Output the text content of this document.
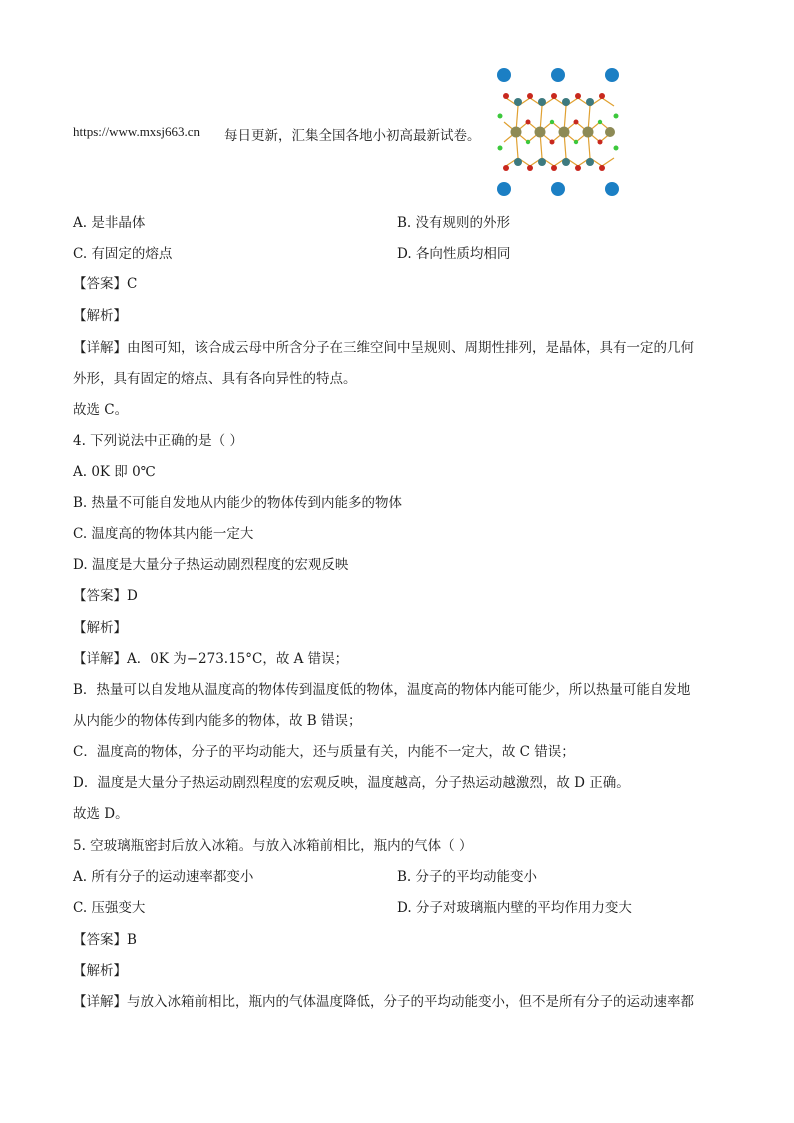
https://www.mxsj663.cn 每日更新，汇集全国各地小初高最新试卷。
A. 是非晶体	B. 没有规则的外形
C. 有固定的熔点	D. 各向性质均相同
【答案】C
【解析】
【详解】由图可知，该合成云母中所含分子在三维空间中呈规则、周期性排列，是晶体，具有一定的几何
外形，具有固定的熔点、具有各向异性的特点。
故选 C。
4. 下列说法中正确的是（ ）
A. 0K 即 0℃
B. 热量不可能自发地从内能少的物体传到内能多的物体
C. 温度高的物体其内能一定大
D. 温度是大量分子热运动剧烈程度的宏观反映
【答案】D
【解析】
【详解】A．0K 为−273.15°C，故 A 错误；
B．热量可以自发地从温度高的物体传到温度低的物体，温度高的物体内能可能少，所以热量可能自发地
从内能少的物体传到内能多的物体，故 B 错误；
C．温度高的物体，分子的平均动能大，还与质量有关，内能不一定大，故 C 错误；
D．温度是大量分子热运动剧烈程度的宏观反映，温度越高，分子热运动越激烈，故 D 正确。
故选 D。
5. 空玻璃瓶密封后放入冰箱。与放入冰箱前相比，瓶内的气体（ ）
A. 所有分子的运动速率都变小	B. 分子的平均动能变小
C. 压强变大	D. 分子对玻璃瓶内壁的平均作用力变大
【答案】B
【解析】
【详解】与放入冰箱前相比，瓶内的气体温度降低，分子的平均动能变小，但不是所有分子的运动速率都
